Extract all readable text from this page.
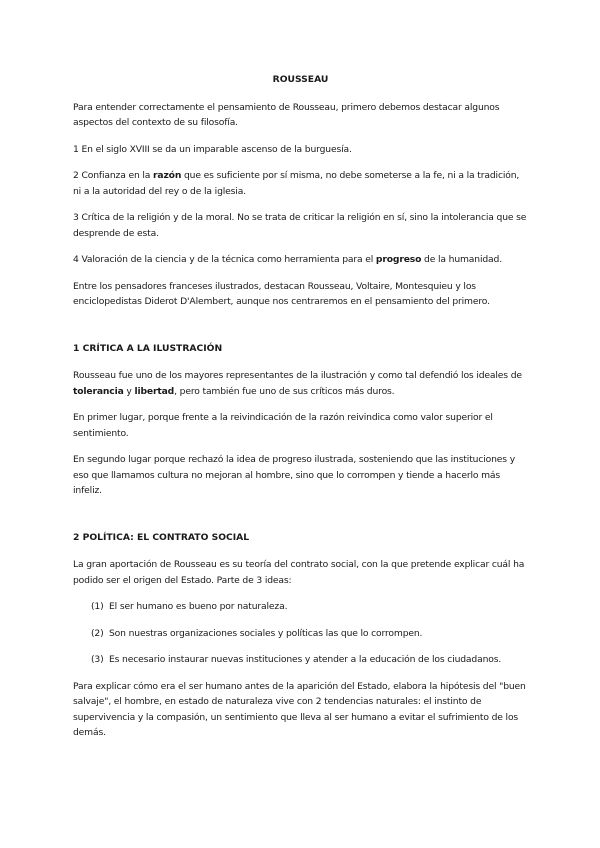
ROUSSEAU

Para entender correctamente el pensamiento de Rousseau, primero debemos destacar algunos aspectos del contexto de su filosofía.

1 En el siglo XVIII se da un imparable ascenso de la burguesía.

2 Confianza en la razón que es suficiente por sí misma, no debe someterse a la fe, ni a la tradición, ni a la autoridad del rey o de la iglesia.

3 Crítica de la religión y de la moral. No se trata de criticar la religión en sí, sino la intolerancia que se desprende de esta.

4 Valoración de la ciencia y de la técnica como herramienta para el progreso de la humanidad.

Entre los pensadores franceses ilustrados, destacan Rousseau, Voltaire, Montesquieu y los enciclopedistas Diderot D'Alembert, aunque nos centraremos en el pensamiento del primero.

1 CRÍTICA A LA ILUSTRACIÓN

Rousseau fue uno de los mayores representantes de la ilustración y como tal defendió los ideales de tolerancia y libertad, pero también fue uno de sus críticos más duros.

En primer lugar, porque frente a la reivindicación de la razón reivindica como valor superior el sentimiento.

En segundo lugar porque rechazó la idea de progreso ilustrada, sosteniendo que las instituciones y eso que llamamos cultura no mejoran al hombre, sino que lo corrompen y tiende a hacerlo más infeliz.

2 POLÍTICA: EL CONTRATO SOCIAL

La gran aportación de Rousseau es su teoría del contrato social, con la que pretende explicar cuál ha podido ser el origen del Estado. Parte de 3 ideas:

(1) El ser humano es bueno por naturaleza.
(2) Son nuestras organizaciones sociales y políticas las que lo corrompen.
(3) Es necesario instaurar nuevas instituciones y atender a la educación de los ciudadanos.

Para explicar cómo era el ser humano antes de la aparición del Estado, elabora la hipótesis del "buen salvaje", el hombre, en estado de naturaleza vive con 2 tendencias naturales: el instinto de supervivencia y la compasión, un sentimiento que lleva al ser humano a evitar el sufrimiento de los demás.
